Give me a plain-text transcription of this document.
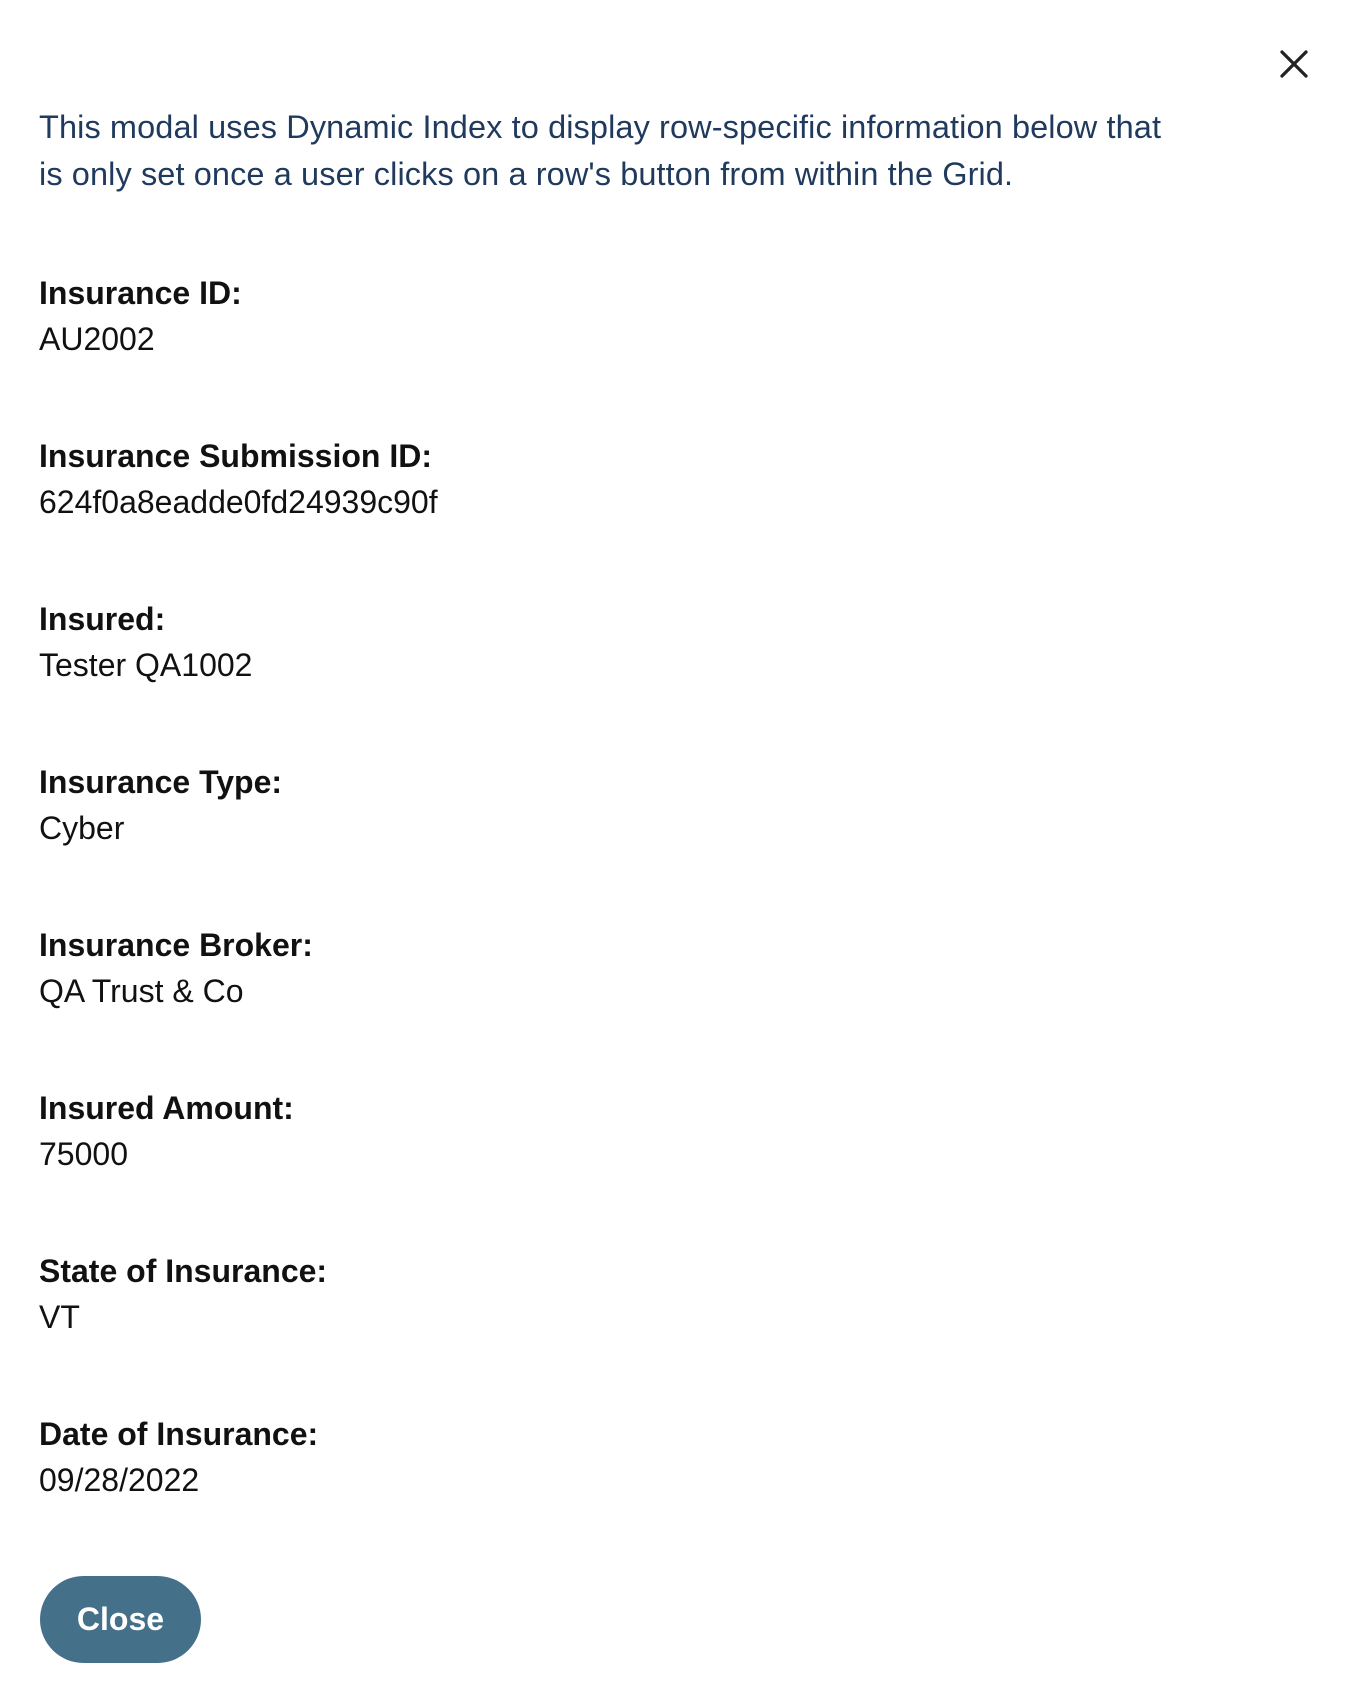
This modal uses Dynamic Index to display row-specific information below that is only set once a user clicks on a row's button from within the Grid.

Insurance ID:

AU2002

Insurance Submission ID:

624f0a8eadde0fd24939c90f

Insured:

Tester QA1002

Insurance Type:

Cyber

Insurance Broker:

QA Trust & Co

Insured Amount:

75000

State of Insurance:

VT

Date of Insurance:

09/28/2022

Close
